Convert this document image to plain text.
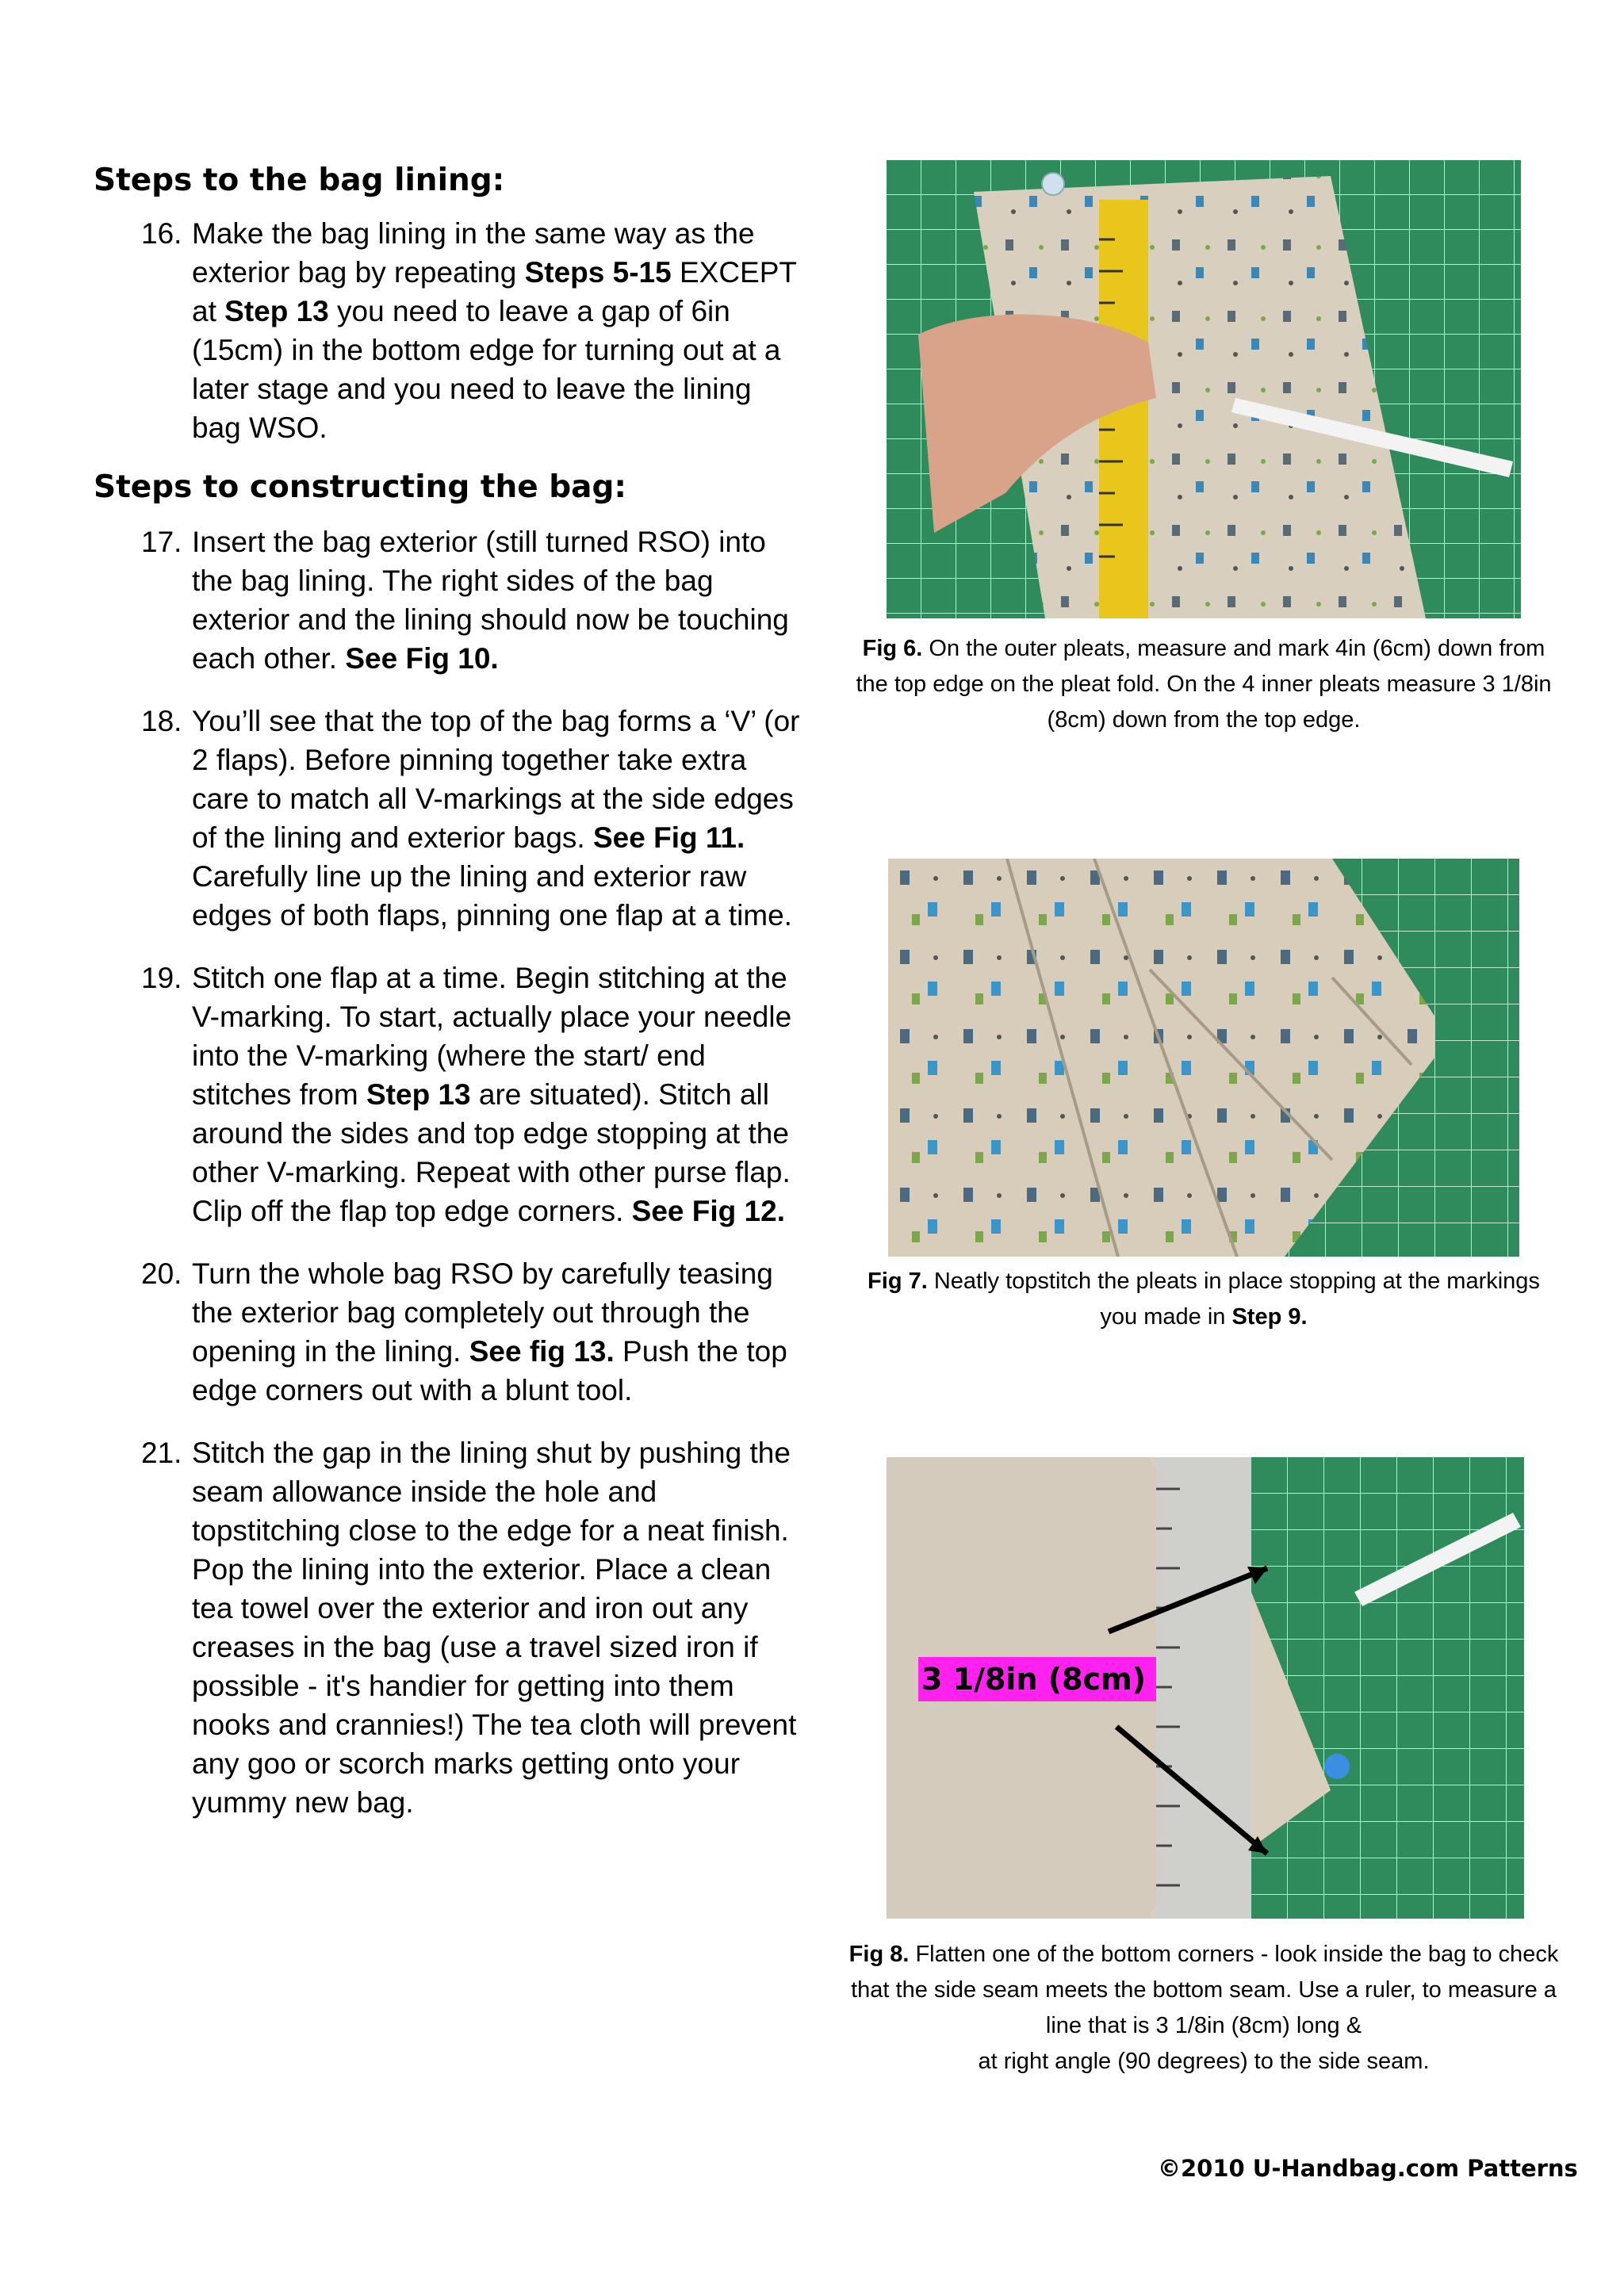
Steps to the bag lining:
16. Make the bag lining in the same way as the exterior bag by repeating Steps 5-15 EXCEPT at Step 13 you need to leave a gap of 6in (15cm) in the bottom edge for turning out at a later stage and you need to leave the lining bag WSO.
Steps to constructing the bag:
17. Insert the bag exterior (still turned RSO) into the bag lining. The right sides of the bag exterior and the lining should now be touching each other. See Fig 10.
18. You’ll see that the top of the bag forms a ‘V’ (or 2 flaps). Before pinning together take extra care to match all V-markings at the side edges of the lining and exterior bags. See Fig 11. Carefully line up the lining and exterior raw edges of both flaps, pinning one flap at a time.
19. Stitch one flap at a time. Begin stitching at the V-marking. To start, actually place your needle into the V-marking (where the start/ end stitches from Step 13 are situated). Stitch all around the sides and top edge stopping at the other V-marking. Repeat with other purse flap. Clip off the flap top edge corners. See Fig 12.
20. Turn the whole bag RSO by carefully teasing the exterior bag completely out through the opening in the lining. See fig 13. Push the top edge corners out with a blunt tool.
21. Stitch the gap in the lining shut by pushing the seam allowance inside the hole and topstitching close to the edge for a neat finish. Pop the lining into the exterior. Place a clean tea towel over the exterior and iron out any creases in the bag (use a travel sized iron if possible - it's handier for getting into them nooks and crannies!) The tea cloth will prevent any goo or scorch marks getting onto your yummy new bag.
Fig 6. On the outer pleats, measure and mark 4in (6cm) down from the top edge on the pleat fold. On the 4 inner pleats measure 3 1/8in (8cm) down from the top edge.
Fig 7. Neatly topstitch the pleats in place stopping at the markings you made in Step 9.
3 1/8in (8cm)
Fig 8. Flatten one of the bottom corners - look inside the bag to check that the side seam meets the bottom seam. Use a ruler, to measure a line that is 3 1/8in (8cm) long &
at right angle (90 degrees) to the side seam.
©2010 U-Handbag.com Patterns
